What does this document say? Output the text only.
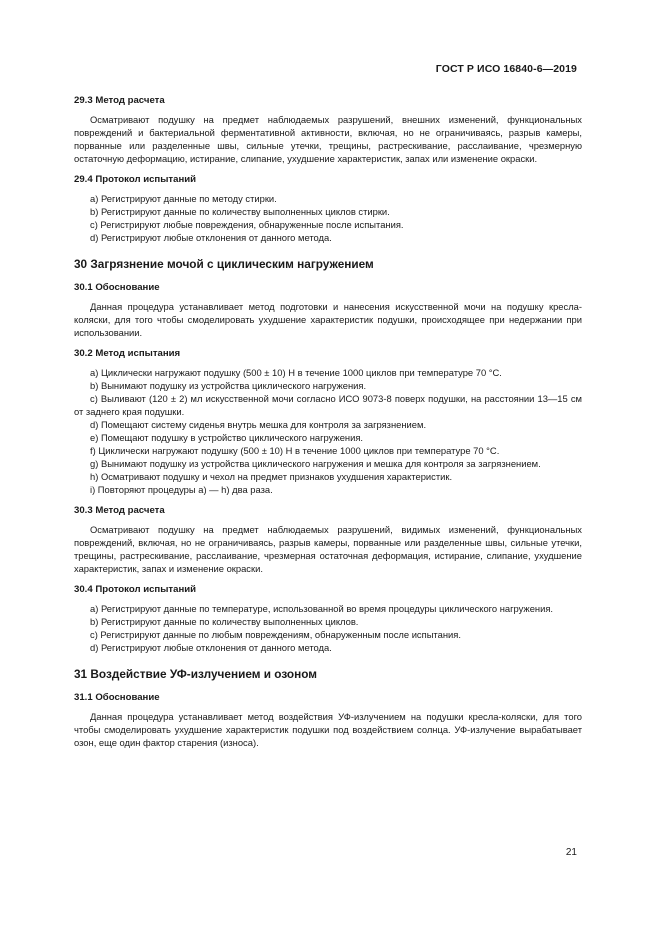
ГОСТ Р ИСО 16840-6—2019

29.3 Метод расчета

Осматривают подушку на предмет наблюдаемых разрушений, внешних изменений, функциональных повреждений и бактериальной ферментативной активности, включая, но не ограничиваясь, разрыв камеры, порванные или разделенные швы, сильные утечки, трещины, растрескивание, расслаивание, чрезмерную остаточную деформацию, истирание, слипание, ухудшение характеристик, запах или изменение окраски.

29.4 Протокол испытаний

a) Регистрируют данные по методу стирки.

b) Регистрируют данные по количеству выполненных циклов стирки.

c) Регистрируют любые повреждения, обнаруженные после испытания.

d) Регистрируют любые отклонения от данного метода.

30 Загрязнение мочой с циклическим нагружением

30.1 Обоснование

Данная процедура устанавливает метод подготовки и нанесения искусственной мочи на подушку кресла-коляски, для того чтобы смоделировать ухудшение характеристик подушки, происходящее при недержании при использовании.

30.2 Метод испытания

a) Циклически нагружают подушку (500 ± 10) Н в течение 1000 циклов при температуре 70 °С.

b) Вынимают подушку из устройства циклического нагружения.

c) Выливают (120 ± 2) мл искусственной мочи согласно ИСО 9073-8 поверх подушки, на расстоянии 13—15 см от заднего края подушки.

d) Помещают систему сиденья внутрь мешка для контроля за загрязнением.

e) Помещают подушку в устройство циклического нагружения.

f) Циклически нагружают подушку (500 ± 10) Н в течение 1000 циклов при температуре 70 °С.

g) Вынимают подушку из устройства циклического нагружения и мешка для контроля за загрязнением.

h) Осматривают подушку и чехол на предмет признаков ухудшения характеристик.

i) Повторяют процедуры a) — h) два раза.

30.3 Метод расчета

Осматривают подушку на предмет наблюдаемых разрушений, видимых изменений, функциональных повреждений, включая, но не ограничиваясь, разрыв камеры, порванные или разделенные швы, сильные утечки, трещины, растрескивание, расслаивание, чрезмерная остаточная деформация, истирание, слипание, ухудшение характеристик, запах и изменение окраски.

30.4 Протокол испытаний

a) Регистрируют данные по температуре, использованной во время процедуры циклического нагружения.

b) Регистрируют данные по количеству выполненных циклов.

c) Регистрируют данные по любым повреждениям, обнаруженным после испытания.

d) Регистрируют любые отклонения от данного метода.

31 Воздействие УФ-излучением и озоном

31.1 Обоснование

Данная процедура устанавливает метод воздействия УФ-излучением на подушки кресла-коляски, для того чтобы смоделировать ухудшение характеристик подушки под воздействием солнца. УФ-излучение вырабатывает озон, еще один фактор старения (износа).

21
